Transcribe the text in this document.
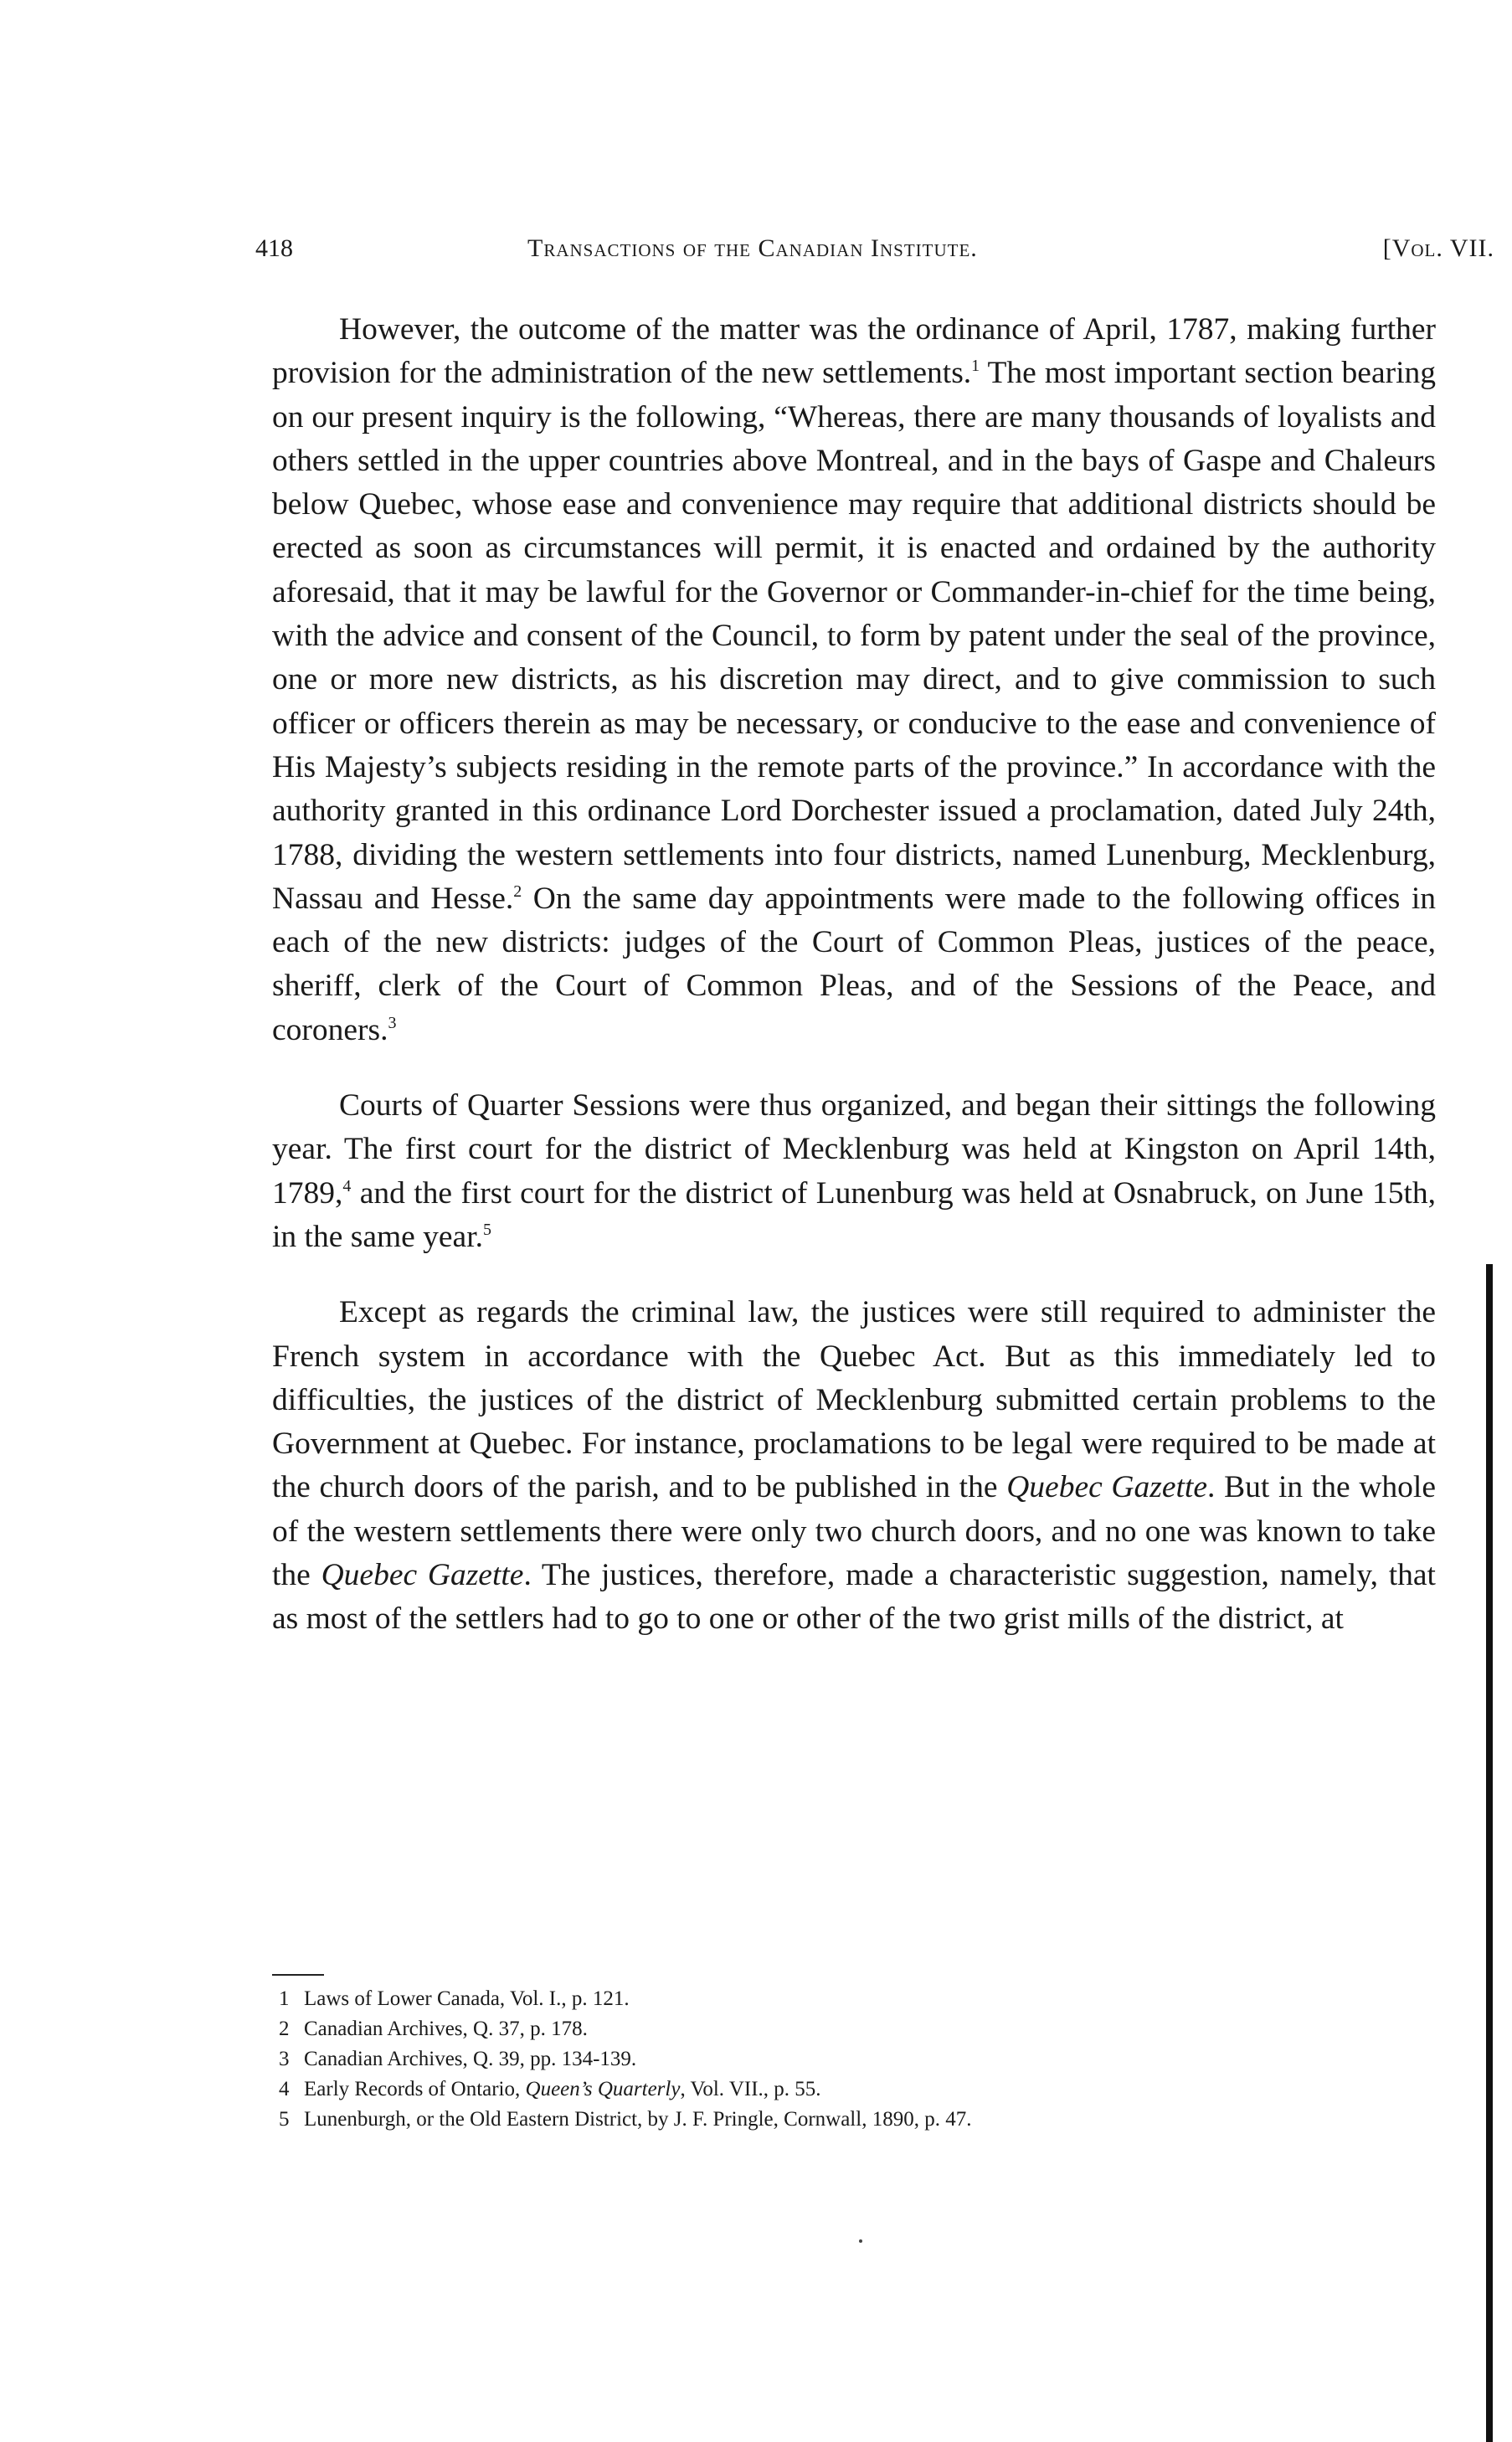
418	Transactions of the Canadian Institute.	[Vol. VII.

However, the outcome of the matter was the ordinance of April, 1787, making further provision for the administration of the new settlements.$^1$ The most important section bearing on our present inquiry is the following, “Whereas, there are many thousands of loyalists and others settled in the upper countries above Montreal, and in the bays of Gaspe and Chaleurs below Quebec, whose ease and convenience may require that additional districts should be erected as soon as circumstances will permit, it is enacted and ordained by the authority aforesaid, that it may be lawful for the Governor or Commander-in-chief for the time being, with the advice and consent of the Council, to form by patent under the seal of the province, one or more new districts, as his discretion may direct, and to give commission to such officer or officers therein as may be necessary, or conducive to the ease and convenience of His Majesty’s subjects residing in the remote parts of the province.” In accordance with the authority granted in this ordinance Lord Dorchester issued a proclamation, dated July 24th, 1788, dividing the western settlements into four districts, named Lunenburg, Mecklenburg, Nassau and Hesse.$^2$ On the same day appointments were made to the following offices in each of the new districts: judges of the Court of Common Pleas, justices of the peace, sheriff, clerk of the Court of Common Pleas, and of the Sessions of the Peace, and coroners.$^3$

Courts of Quarter Sessions were thus organized, and began their sittings the following year. The first court for the district of Mecklenburg was held at Kingston on April 14th, 1789,$^4$ and the first court for the district of Lunenburg was held at Osnabruck, on June 15th, in the same year.$^5$

Except as regards the criminal law, the justices were still required to administer the French system in accordance with the Quebec Act. But as this immediately led to difficulties, the justices of the district of Mecklenburg submitted certain problems to the Government at Quebec. For instance, proclamations to be legal were required to be made at the church doors of the parish, and to be published in the Quebec Gazette. But in the whole of the western settlements there were only two church doors, and no one was known to take the Quebec Gazette. The justices, therefore, made a characteristic suggestion, namely, that as most of the settlers had to go to one or other of the two grist mills of the district, at

1 Laws of Lower Canada, Vol. I., p. 121.

2 Canadian Archives, Q. 37, p. 178.

3 Canadian Archives, Q. 39, pp. 134-139.

4 Early Records of Ontario, Queen’s Quarterly, Vol. VII., p. 55.

5 Lunenburgh, or the Old Eastern District, by J. F. Pringle, Cornwall, 1890, p. 47.
